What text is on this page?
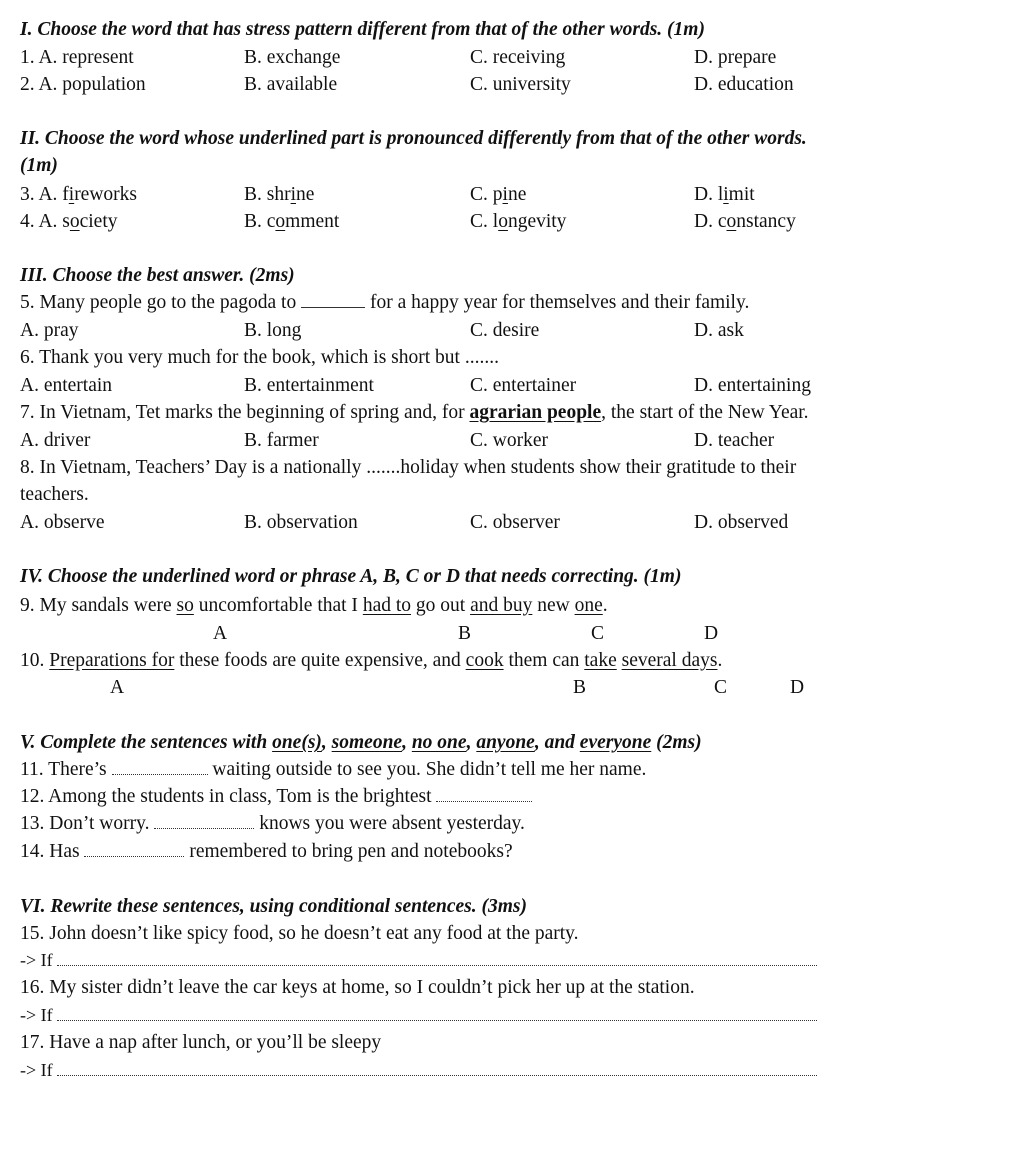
I. Choose the word that has stress pattern different from that of the other words. (1m)
1. A. represent	B. exchange	C. receiving	D. prepare
2. A. population	B. available	C. university	D. education
II. Choose the word whose underlined part is pronounced differently from that of the other words.
(1m)
3. A. fireworks	B. shrine	C. pine	D. limit
4. A. society	B. comment	C. longevity	D. constancy
III. Choose the best answer. (2ms)
5. Many people go to the pagoda to	for a happy year for themselves and their family.
A. pray	B. long	C. desire	D. ask
6. Thank you very much for the book, which is short but .......
A. entertain	B. entertainment	C. entertainer	D. entertaining
7. In Vietnam, Tet marks the beginning of spring and, for agrarian people, the start of the New Year.
A. driver	B. farmer	C. worker	D. teacher
8. In Vietnam, Teachers’ Day is a nationally .......holiday when students show their gratitude to their
teachers.
A. observe	B. observation	C. observer	D. observed
IV. Choose the underlined word or phrase A, B, C or D that needs correcting. (1m)
9. My sandals were so uncomfortable that I had to go out and buy new one.
A	B	C	D
10. Preparations for these foods are quite expensive, and cook them can take several days.
A	B	C	D
V. Complete the sentences with one(s), someone, no one, anyone, and everyone (2ms)
11. There’s	waiting outside to see you. She didn’t tell me her name.
12. Among the students in class, Tom is the brightest
13. Don’t worry.	knows you were absent yesterday.
14. Has	remembered to bring pen and notebooks?
VI. Rewrite these sentences, using conditional sentences. (3ms)
15. John doesn’t like spicy food, so he doesn’t eat any food at the party.
-> If
16. My sister didn’t leave the car keys at home, so I couldn’t pick her up at the station.
-> If
17. Have a nap after lunch, or you’ll be sleepy
-> If
